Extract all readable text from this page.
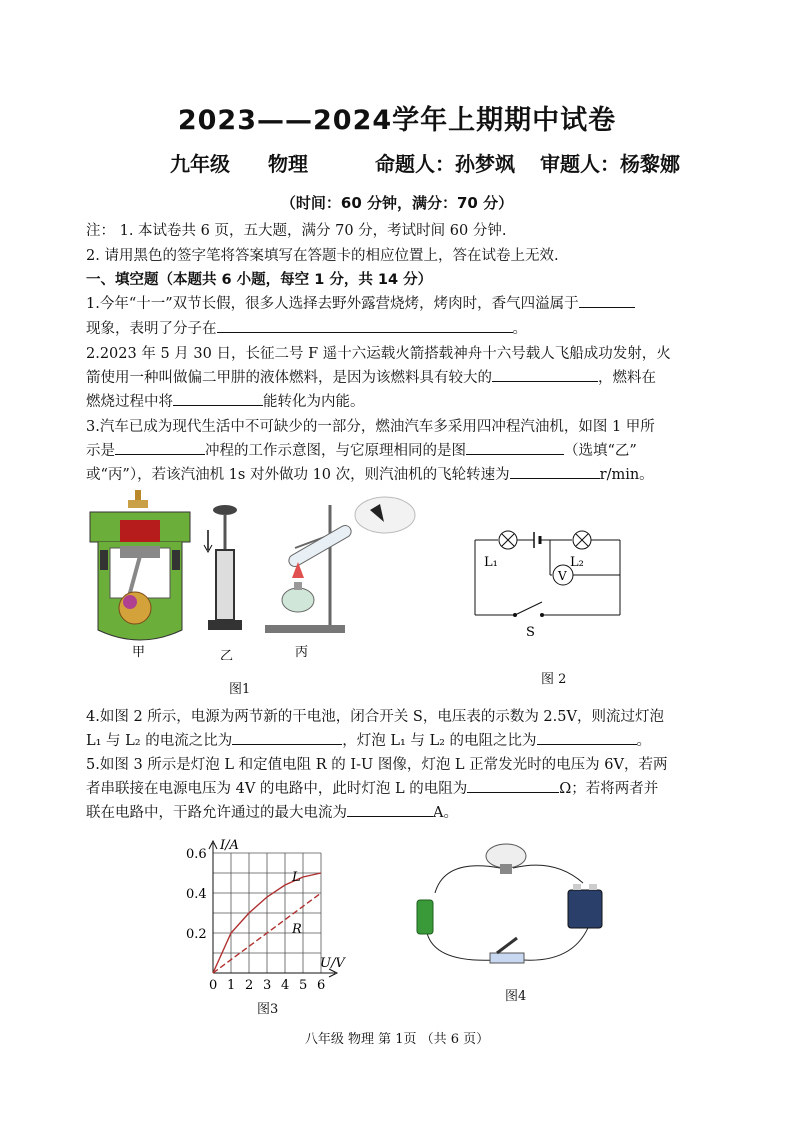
2023——2024学年上期期中试卷
九年级 物理	命题人：孙梦飒 审题人：杨黎娜
（时间：60 分钟，满分：70 分）
注： 1. 本试卷共 6 页，五大题，满分 70 分，考试时间 60 分钟.
2. 请用黑色的签字笔将答案填写在答题卡的相应位置上，答在试卷上无效.
一、填空题（本题共 6 小题，每空 1 分，共 14 分）
1.今年“十一”双节长假，很多人选择去野外露营烧烤，烤肉时，香气四溢属于
现象，表明了分子在	。
2.2023 年 5 月 30 日，长征二号 F 遥十六运载火箭搭载神舟十六号载人飞船成功发射，火
箭使用一种叫做偏二甲肼的液体燃料，是因为该燃料具有较大的	，燃料在
燃烧过程中将	能转化为内能。
3.汽车已成为现代生活中不可缺少的一部分，燃油汽车多采用四冲程汽油机，如图 1 甲所
示是	冲程的工作示意图，与它原理相同的是图	（选填“乙”
或“丙”），若该汽油机 1s 对外做功 10 次，则汽油机的飞轮转速为	r/min。
甲	乙	丙
图1
L₁	L₂
V
S
图 2
4.如图 2 所示，电源为两节新的干电池，闭合开关 S，电压表的示数为 2.5V，则流过灯泡
L₁ 与 L₂ 的电流之比为	，灯泡 L₁ 与 L₂ 的电阻之比为	。
5.如图 3 所示是灯泡 L 和定值电阻 R 的 I-U 图像，灯泡 L 正常发光时的电压为 6V，若两
者串联接在电源电压为 4V 的电路中，此时灯泡 L 的电阻为	Ω；若将两者并
联在电路中，干路允许通过的最大电流为	A。
0 1 2 3 4 5 6
0.6
0.4
0.2
I/A
U/V
L
R
图3
图4
八年级 物理 第 1页 （共 6 页）
